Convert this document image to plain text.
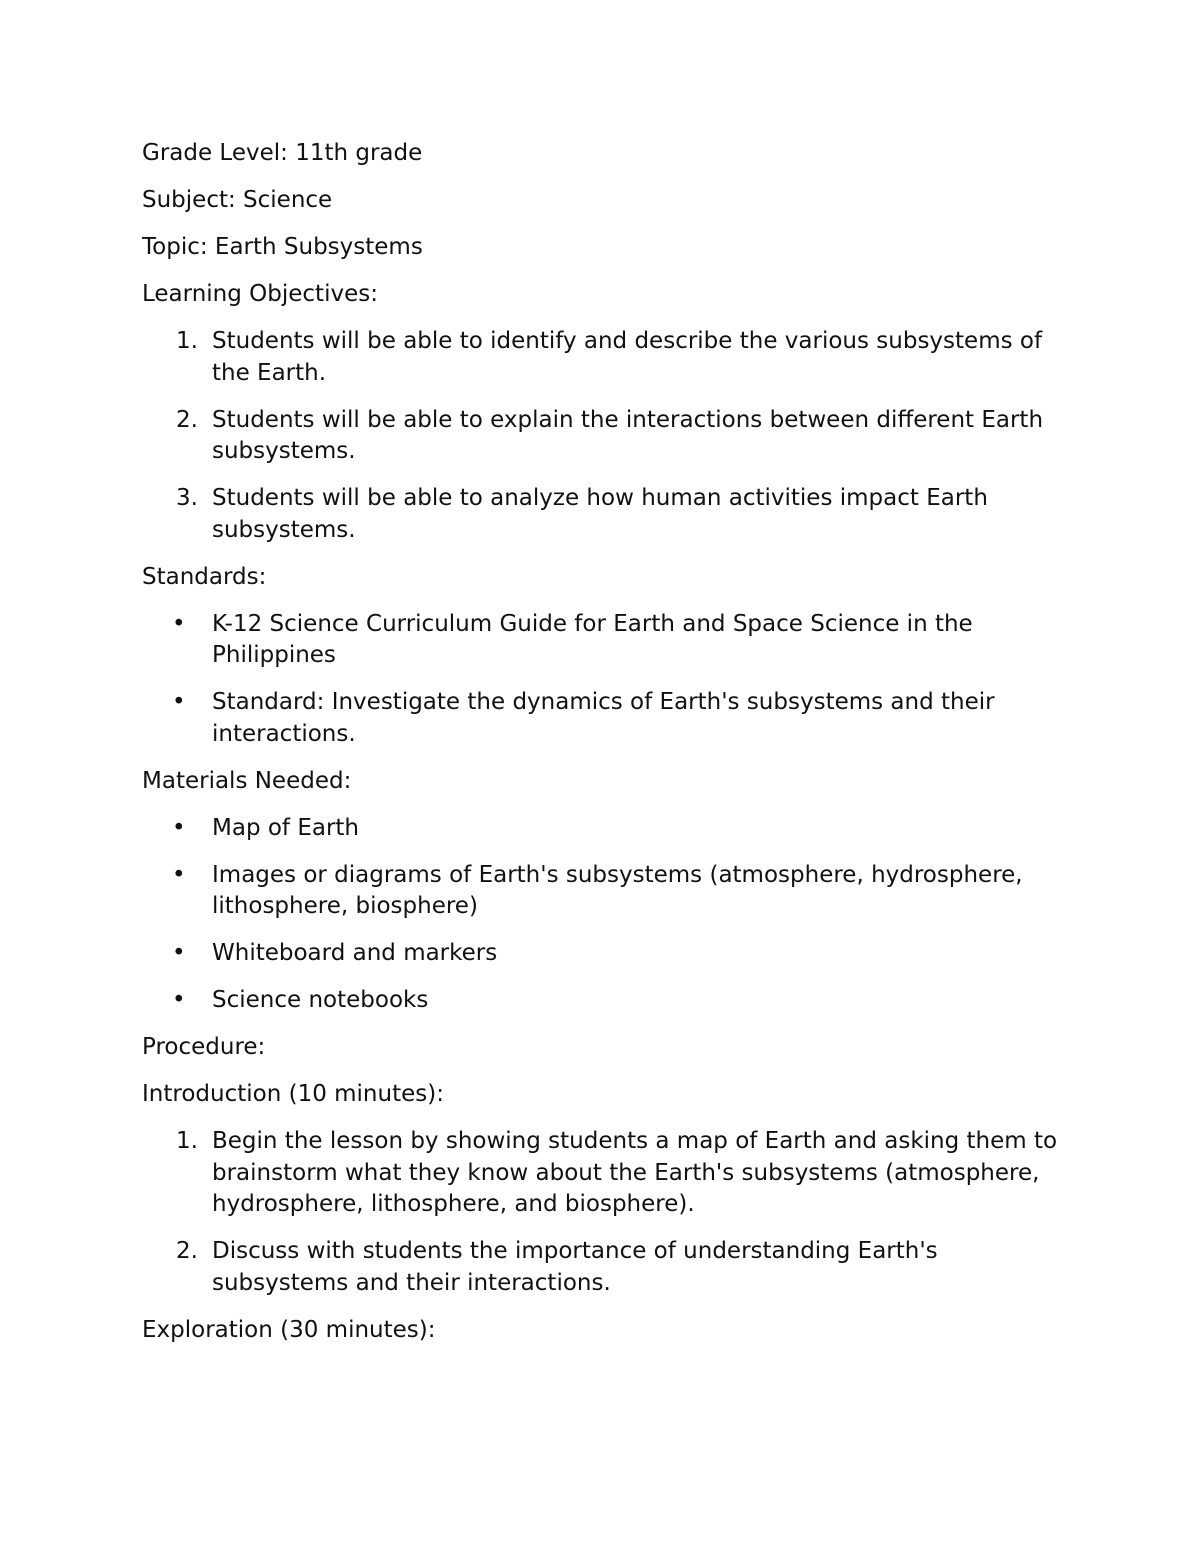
Grade Level: 11th grade

Subject: Science

Topic: Earth Subsystems

Learning Objectives:

1. Students will be able to identify and describe the various subsystems of the Earth.
2. Students will be able to explain the interactions between different Earth subsystems.
3. Students will be able to analyze how human activities impact Earth subsystems.

Standards:

• K-12 Science Curriculum Guide for Earth and Space Science in the Philippines
• Standard: Investigate the dynamics of Earth's subsystems and their interactions.

Materials Needed:

• Map of Earth
• Images or diagrams of Earth's subsystems (atmosphere, hydrosphere, lithosphere, biosphere)
• Whiteboard and markers
• Science notebooks

Procedure:

Introduction (10 minutes):

1. Begin the lesson by showing students a map of Earth and asking them to brainstorm what they know about the Earth's subsystems (atmosphere, hydrosphere, lithosphere, and biosphere).
2. Discuss with students the importance of understanding Earth's subsystems and their interactions.

Exploration (30 minutes):
